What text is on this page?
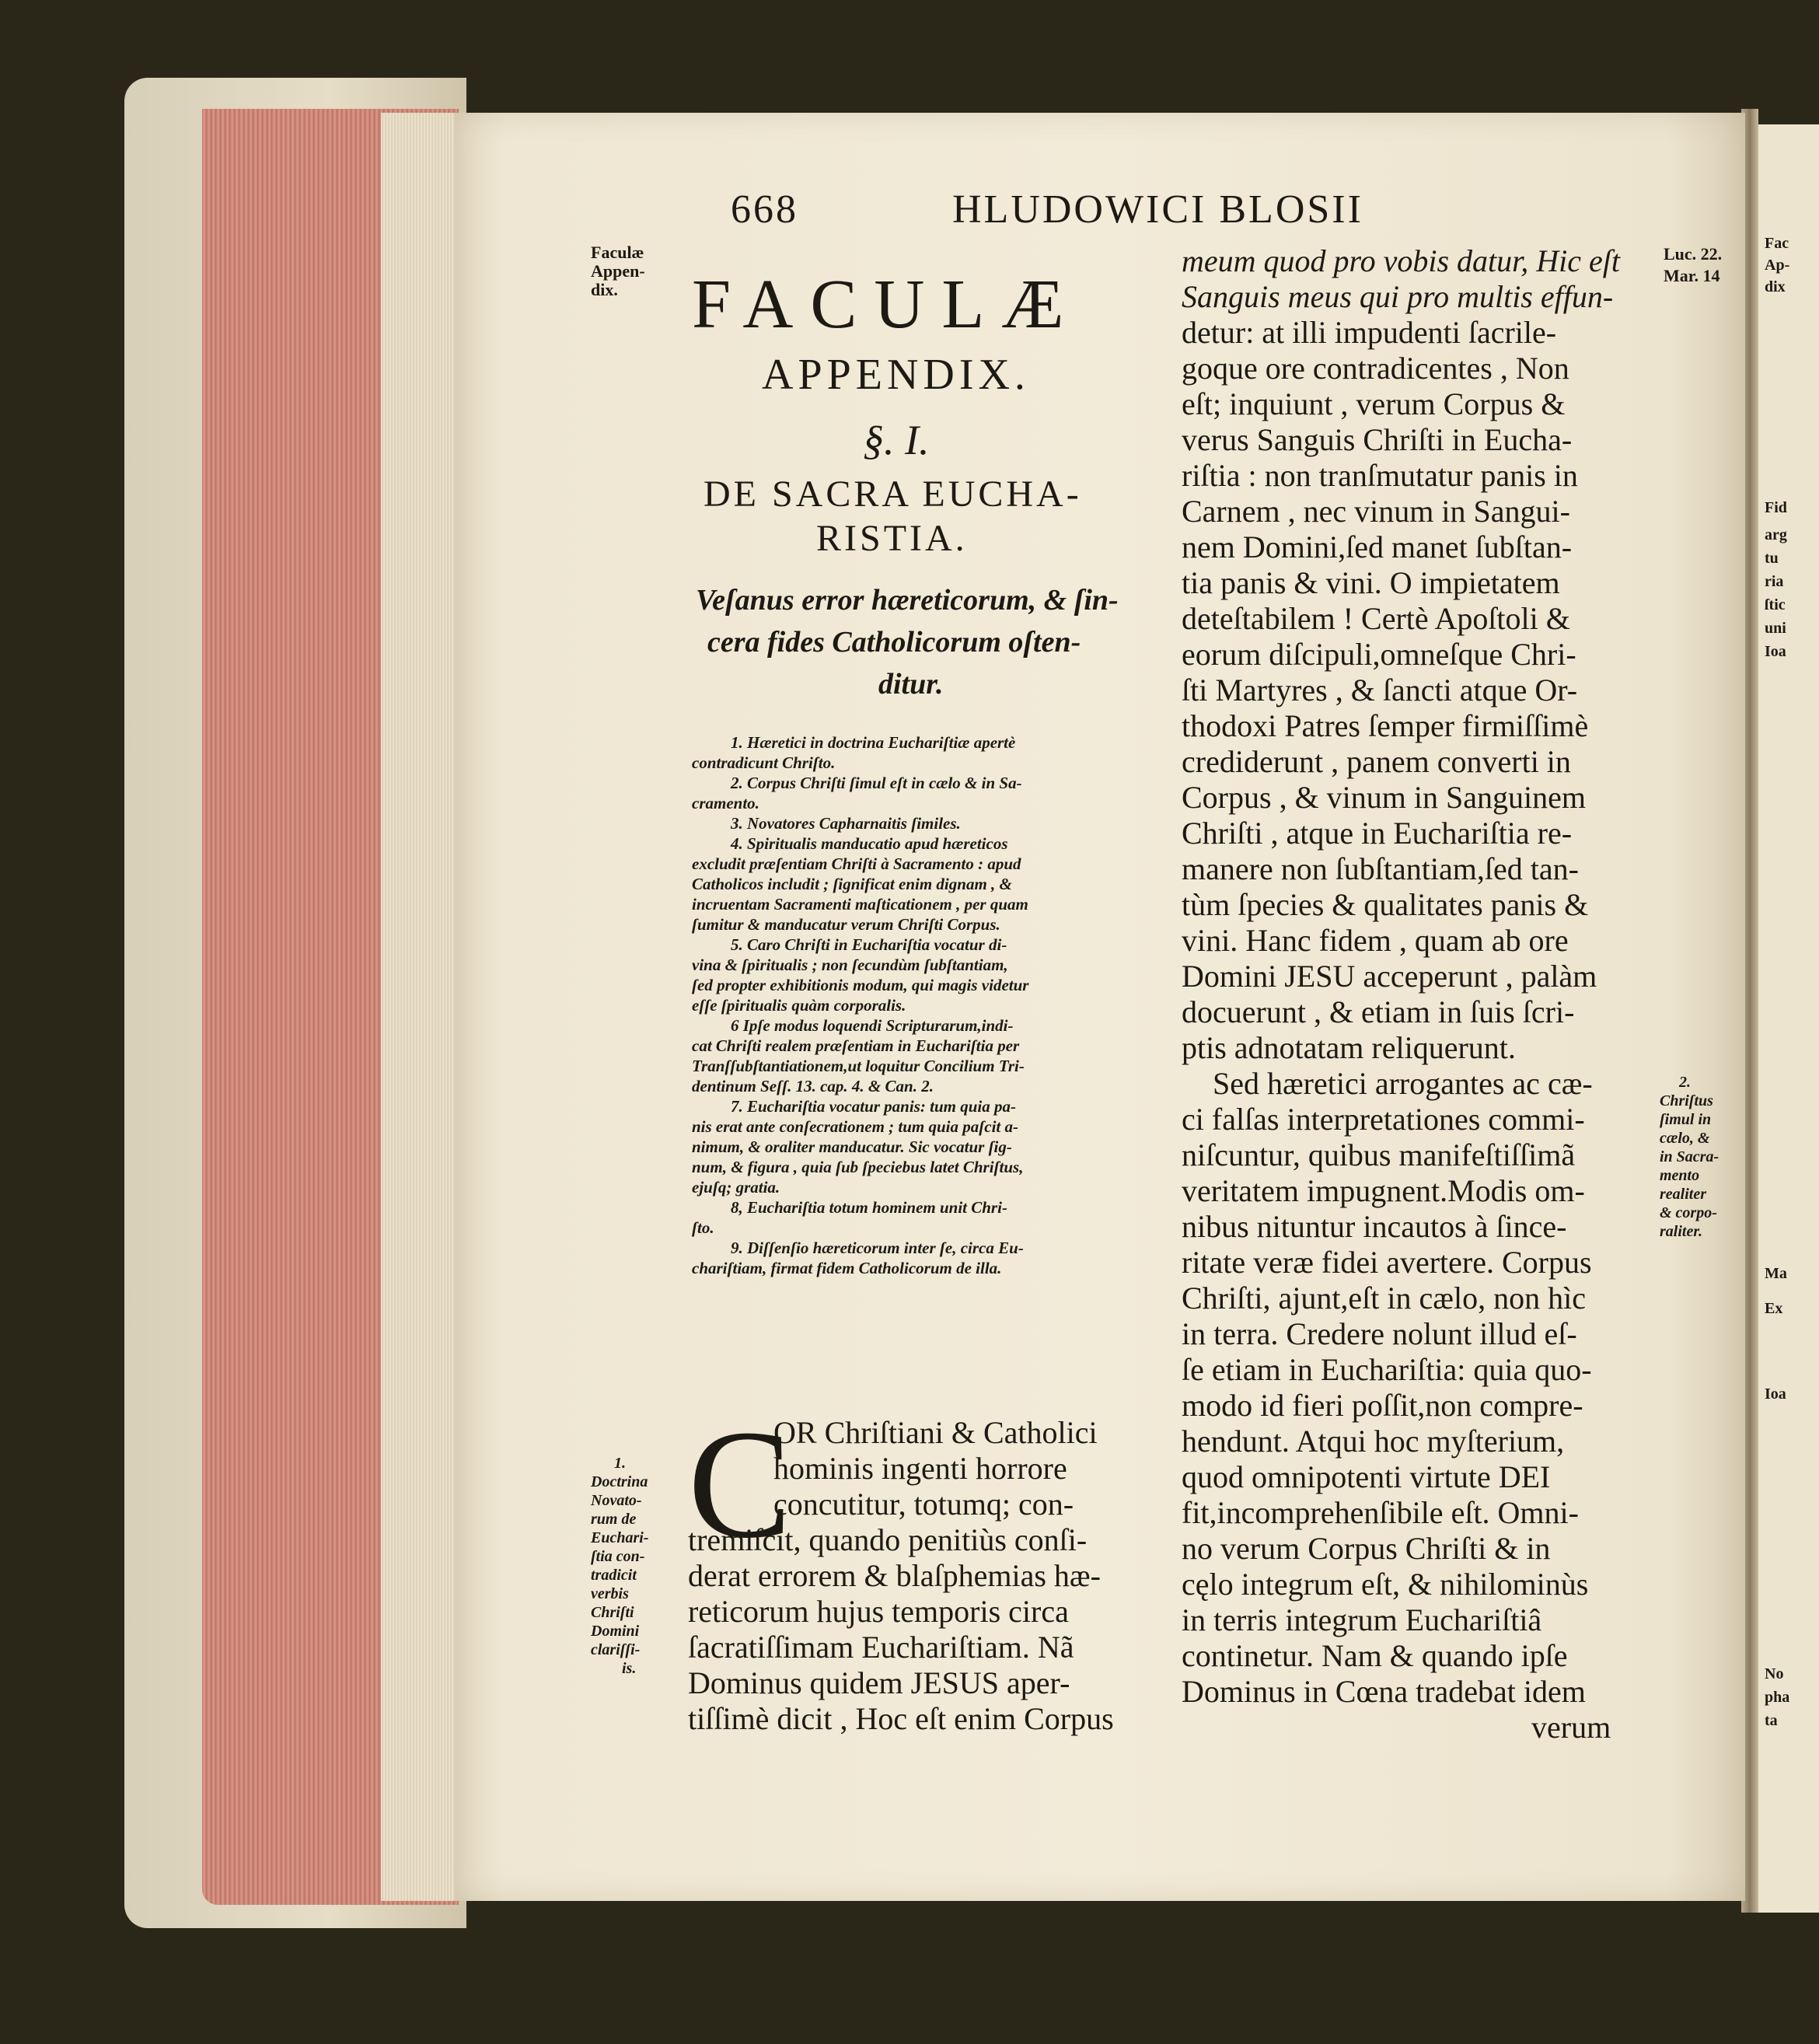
Fac
Ap-
dix
Fid
arg
tu
ria
ſtic
uni
Ioa
Ma
Ex
Ioa
No
pha
ta
668	HLUDOWICI BLOSII
Faculæ
Appen-
dix. FACULÆ
APPENDIX.
§. I.
DE SACRA EUCHA-
RISTIA.
Veſanus error hæreticorum, & ſin-
cera fides Catholicorum oſten-
ditur.
1. Hæretici in doctrina Euchariſtiæ apertè
contradicunt Chriſto.
2. Corpus Chriſti ſimul eſt in cælo & in Sa-
cramento.
3. Novatores Capharnaitis ſimiles.
4. Spiritualis manducatio apud hæreticos
excludit præſentiam Chriſti à Sacramento : apud
Catholicos includit ; ſignificat enim dignam , &
incruentam Sacramenti maſticationem , per quam
ſumitur & manducatur verum Chriſti Corpus.
5. Caro Chriſti in Euchariſtia vocatur di-
vina & ſpiritualis ; non ſecundùm ſubſtantiam,
ſed propter exhibitionis modum, qui magis videtur
eſſe ſpiritualis quàm corporalis.
6 Ipſe modus loquendi Scripturarum,indi-
cat Chriſti realem præſentiam in Euchariſtia per
Tranſſubſtantiationem,ut loquitur Concilium Tri-
dentinum Seſſ. 13. cap. 4. & Can. 2.
7. Euchariſtia vocatur panis: tum quia pa-
nis erat ante conſecrationem ; tum quia paſcit a-
nimum, & oraliter manducatur. Sic vocatur ſig-
num, & figura , quia ſub ſpeciebus latet Chriſtus,
ejuſq; gratia.
8, Euchariſtia totum hominem unit Chri-
ſto.
9. Diſſenſio hæreticorum inter ſe, circa Eu-
chariſtiam, firmat fidem Catholicorum de illa.
C
OR Chriſtiani & Catholici
hominis ingenti horrore
concutitur, totumq; con-
tremiſcit, quando penitiùs conſi-
derat errorem & blaſphemias hæ-
reticorum hujus temporis circa
ſacratiſſimam Euchariſtiam. Nã
Dominus quidem JESUS aper-
tiſſimè dicit , Hoc eſt enim Corpus
1.
Doctrina
Novato-
rum de
Euchari-
ſtia con-
tradicit
verbis
Chriſti
Domini
clariſſi-
is.
meum quod pro vobis datur, Hic eſt
Sanguis meus qui pro multis effun-
detur: at illi impudenti ſacrile-
goque ore contradicentes , Non
eſt; inquiunt , verum Corpus &
verus Sanguis Chriſti in Eucha-
riſtia : non tranſmutatur panis in
Carnem , nec vinum in Sangui-
nem Domini,ſed manet ſubſtan-
tia panis & vini. O impietatem
deteſtabilem ! Certè Apoſtoli &
eorum diſcipuli,omneſque Chri-
ſti Martyres , & ſancti atque Or-
thodoxi Patres ſemper firmiſſimè
crediderunt , panem converti in
Corpus , & vinum in Sanguinem
Chriſti , atque in Euchariſtia re-
manere non ſubſtantiam,ſed tan-
tùm ſpecies & qualitates panis &
vini. Hanc fidem , quam ab ore
Domini JESU acceperunt , palàm
docuerunt , & etiam in ſuis ſcri-
ptis adnotatam reliquerunt.
Sed hæretici arrogantes ac cæ-
ci falſas interpretationes commi-
niſcuntur, quibus manifeſtiſſimã
veritatem impugnent.Modis om-
nibus nituntur incautos à ſince-
ritate veræ fidei avertere. Corpus
Chriſti, ajunt,eſt in cælo, non hìc
in terra. Credere nolunt illud eſ-
ſe etiam in Euchariſtia: quia quo-
modo id fieri poſſit,non compre-
hendunt. Atqui hoc myſterium,
quod omnipotenti virtute DEI
fit,incomprehenſibile eſt. Omni-
no verum Corpus Chriſti & in
cęlo integrum eſt, & nihilominùs
in terris integrum Euchariſtiâ
continetur. Nam & quando ipſe
Dominus in Cœna tradebat idem
verum
Luc. 22.
Mar. 14
2.
Chriſtus
ſimul in
cælo, &
in Sacra-
mento
realiter
& corpo-
raliter.
